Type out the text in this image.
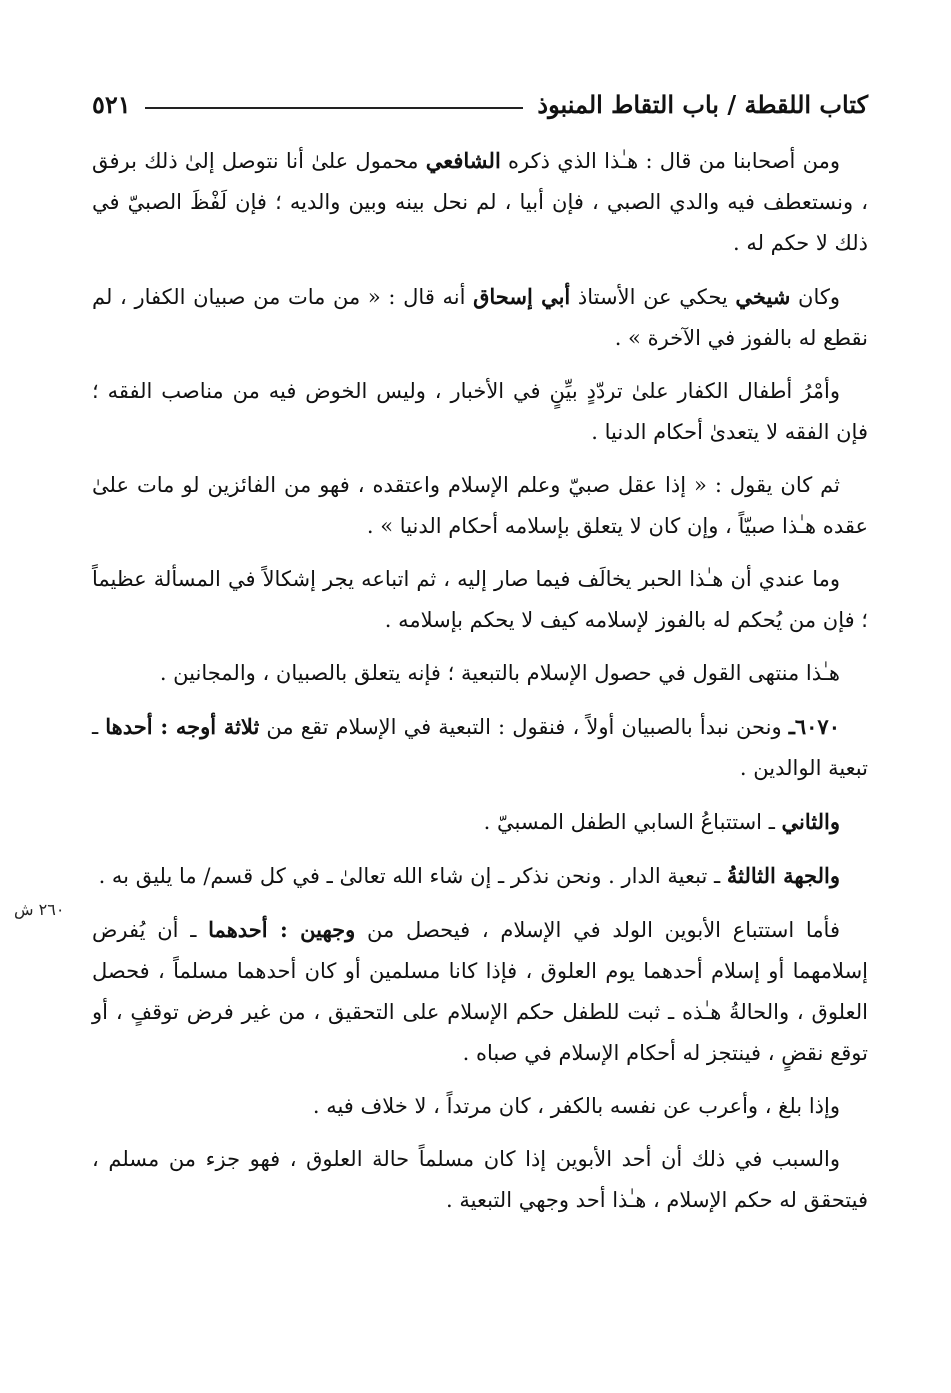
كتاب اللقطة / باب التقاط المنبوذ
٥٢١
٢٦٠ ش

ومن أصحابنا من قال : هـٰذا الذي ذكره الشافعي محمول علىٰ أنا نتوصل إلىٰ ذلك برفق ، ونستعطف فيه والدي الصبي ، فإن أبيا ، لم نحل بينه وبين والديه ؛ فإن لَفْظَ الصبيّ في ذلك لا حكم له .

وكان شيخي يحكي عن الأستاذ أبي إسحاق أنه قال : « من مات من صبيان الكفار ، لم نقطع له بالفوز في الآخرة » .

وأمْرُ أطفال الكفار علىٰ تردّدٍ بيِّنٍ في الأخبار ، وليس الخوض فيه من مناصب الفقه ؛ فإن الفقه لا يتعدىٰ أحكام الدنيا .

ثم كان يقول : « إذا عقل صبيّ وعلم الإسلام واعتقده ، فهو من الفائزين لو مات علىٰ عقده هـٰذا صبيّاً ، وإن كان لا يتعلق بإسلامه أحكام الدنيا » .

وما عندي أن هـٰذا الحبر يخالَف فيما صار إليه ، ثم اتباعه يجر إشكالاً في المسألة عظيماً ؛ فإن من يُحكم له بالفوز لإسلامه كيف لا يحكم بإسلامه .

هـٰذا منتهى القول في حصول الإسلام بالتبعية ؛ فإنه يتعلق بالصبيان ، والمجانين .

٦٠٧٠ـ ونحن نبدأ بالصبيان أولاً ، فنقول : التبعية في الإسلام تقع من ثلاثة أوجه : أحدها ـ تبعية الوالدين .

والثاني ـ استتباعُ السابي الطفل المسبيّ .

والجهة الثالثةُ ـ تبعية الدار . ونحن نذكر ـ إن شاء الله تعالىٰ ـ في كل قسم/ ما يليق به .

فأما استتباع الأبوين الولد في الإسلام ، فيحصل من وجهين : أحدهما ـ أن يُفرض إسلامهما أو إسلام أحدهما يوم العلوق ، فإذا كانا مسلمين أو كان أحدهما مسلماً ، فحصل العلوق ، والحالةُ هـٰذه ـ ثبت للطفل حكم الإسلام على التحقيق ، من غير فرض توقفٍ ، أو توقع نقضٍ ، فينتجز له أحكام الإسلام في صباه .

وإذا بلغ ، وأعرب عن نفسه بالكفر ، كان مرتداً ، لا خلاف فيه .

والسبب في ذلك أن أحد الأبوين إذا كان مسلماً حالة العلوق ، فهو جزء من مسلم ، فيتحقق له حكم الإسلام ، هـٰذا أحد وجهي التبعية .
